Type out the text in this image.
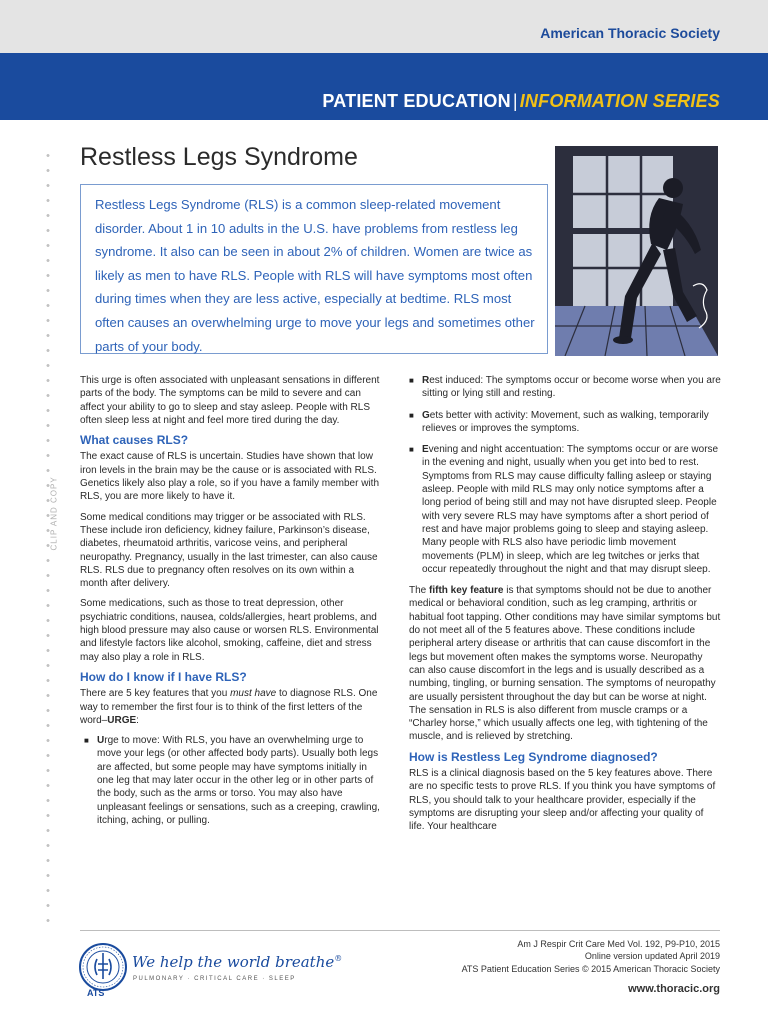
American Thoracic Society
PATIENT EDUCATION | INFORMATION SERIES
CLIP AND COPY
Restless Legs Syndrome

Restless Legs Syndrome (RLS) is a common sleep-related movement disorder. About 1 in 10 adults in the U.S. have problems from restless leg syndrome. It also can be seen in about 2% of children. Women are twice as likely as men to have RLS. People with RLS will have symptoms most often during times when they are less active, especially at bedtime. RLS most often causes an overwhelming urge to move your legs and sometimes other parts of your body.

This urge is often associated with unpleasant sensations in different parts of the body. The symptoms can be mild to severe and can affect your ability to go to sleep and stay asleep. People with RLS often sleep less at night and feel more tired during the day.

What causes RLS?

The exact cause of RLS is uncertain. Studies have shown that low iron levels in the brain may be the cause or is associated with RLS. Genetics likely also play a role, so if you have a family member with RLS, you are more likely to have it.

Some medical conditions may trigger or be associated with RLS. These include iron deficiency, kidney failure, Parkinson’s disease, diabetes, rheumatoid arthritis, varicose veins, and peripheral neuropathy. Pregnancy, usually in the last trimester, can also cause RLS. RLS due to pregnancy often resolves on its own within a month after delivery.

Some medications, such as those to treat depression, other psychiatric conditions, nausea, colds/allergies, heart problems, and high blood pressure may also cause or worsen RLS. Environmental and lifestyle factors like alcohol, smoking, caffeine, diet and stress may also play a role in RLS.

How do I know if I have RLS?

There are 5 key features that you must have to diagnose RLS. One way to remember the first four is to think of the first letters of the word–URGE:

■ Urge to move: With RLS, you have an overwhelming urge to move your legs (or other affected body parts). Usually both legs are affected, but some people may have symptoms initially in one leg that may later occur in the other leg or in other parts of the body, such as the arms or torso. You may also have unpleasant feelings or sensations, such as a creeping, crawling, itching, aching, or pulling.
■ Rest induced: The symptoms occur or become worse when you are sitting or lying still and resting.
■ Gets better with activity: Movement, such as walking, temporarily relieves or improves the symptoms.
■ Evening and night accentuation: The symptoms occur or are worse in the evening and night, usually when you get into bed to rest. Symptoms from RLS may cause difficulty falling asleep or staying asleep. People with mild RLS may only notice symptoms after a long period of being still and may not have disrupted sleep. People with very severe RLS may have symptoms after a short period of rest and have major problems going to sleep and staying asleep. Many people with RLS also have periodic limb movement movements (PLM) in sleep, which are leg twitches or jerks that occur repeatedly throughout the night and that may disrupt sleep.

The fifth key feature is that symptoms should not be due to another medical or behavioral condition, such as leg cramping, arthritis or habitual foot tapping. Other conditions may have similar symptoms but do not meet all of the 5 features above. These conditions include peripheral artery disease or arthritis that can cause discomfort in the legs but movement often makes the symptoms worse. Neuropathy can also cause discomfort in the legs and is usually described as a numbing, tingling, or burning sensation. The symptoms of neuropathy are usually persistent throughout the day but can be worse at night. The sensation in RLS is also different from muscle cramps or a “Charley horse,” which usually affects one leg, with tightening of the muscle, and is relieved by stretching.

How is Restless Leg Syndrome diagnosed?

RLS is a clinical diagnosis based on the 5 key features above. There are no specific tests to prove RLS. If you think you have symptoms of RLS, you should talk to your healthcare provider, especially if the symptoms are disrupting your sleep and/or affecting your quality of life. Your healthcare

ATS
We help the world breathe®
PULMONARY · CRITICAL CARE · SLEEP
Am J Respir Crit Care Med Vol. 192, P9-P10, 2015
Online version updated April 2019
ATS Patient Education Series © 2015 American Thoracic Society
www.thoracic.org
